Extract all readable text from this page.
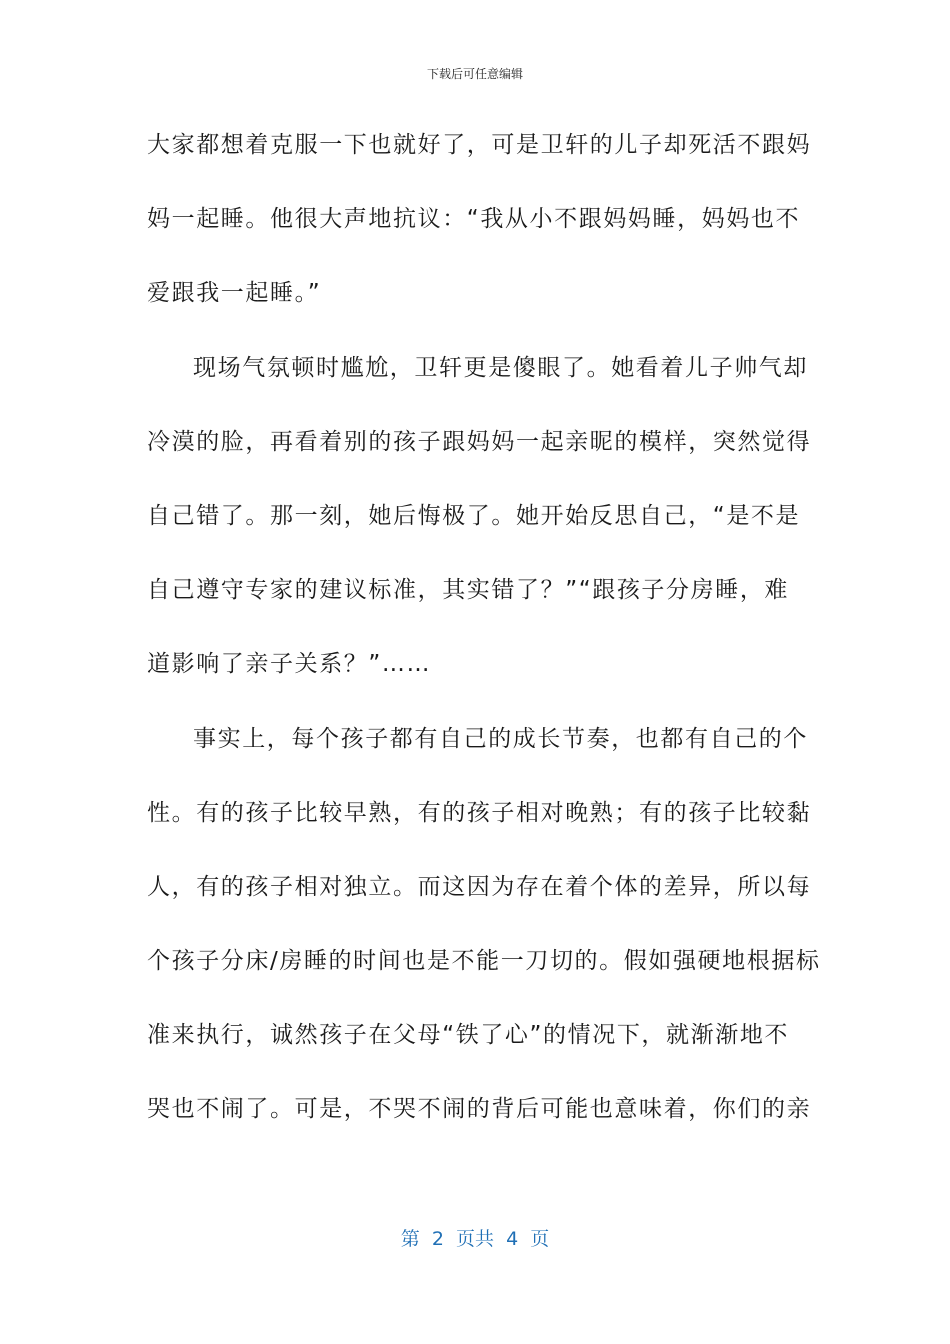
下载后可任意编辑
大家都想着克服一下也就好了，可是卫轩的儿子却死活不跟妈
妈一起睡。他很大声地抗议：“我从小不跟妈妈睡，妈妈也不
爱跟我一起睡。”
现场气氛顿时尴尬，卫轩更是傻眼了。她看着儿子帅气却
冷漠的脸，再看着别的孩子跟妈妈一起亲昵的模样，突然觉得
自己错了。那一刻，她后悔极了。她开始反思自己，“是不是
自己遵守专家的建议标准，其实错了？”“跟孩子分房睡，难
道影响了亲子关系？”……
事实上，每个孩子都有自己的成长节奏，也都有自己的个
性。有的孩子比较早熟，有的孩子相对晚熟；有的孩子比较黏
人，有的孩子相对独立。而这因为存在着个体的差异，所以每
个孩子分床/房睡的时间也是不能一刀切的。假如强硬地根据标
准来执行，诚然孩子在父母“铁了心”的情况下，就渐渐地不
哭也不闹了。可是，不哭不闹的背后可能也意味着，你们的亲
第  2  页共  4  页
